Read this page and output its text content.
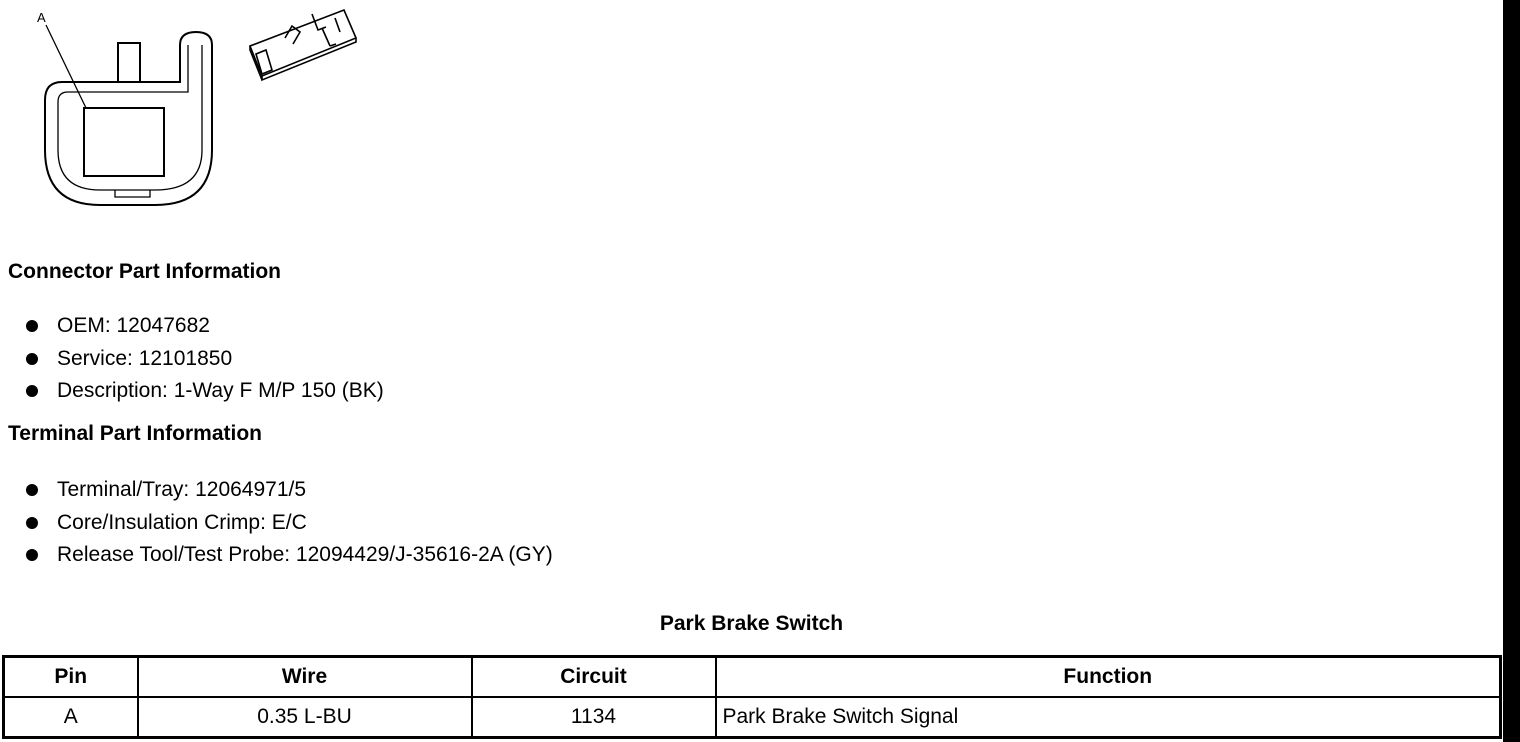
A
Connector Part Information
OEM: 12047682
Service: 12101850
Description: 1-Way F M/P 150 (BK)
Terminal Part Information
Terminal/Tray: 12064971/5
Core/Insulation Crimp: E/C
Release Tool/Test Probe: 12094429/J-35616-2A (GY)
Park Brake Switch
Pin	Wire	Circuit	Function
A	0.35 L-BU	1134	Park Brake Switch Signal
